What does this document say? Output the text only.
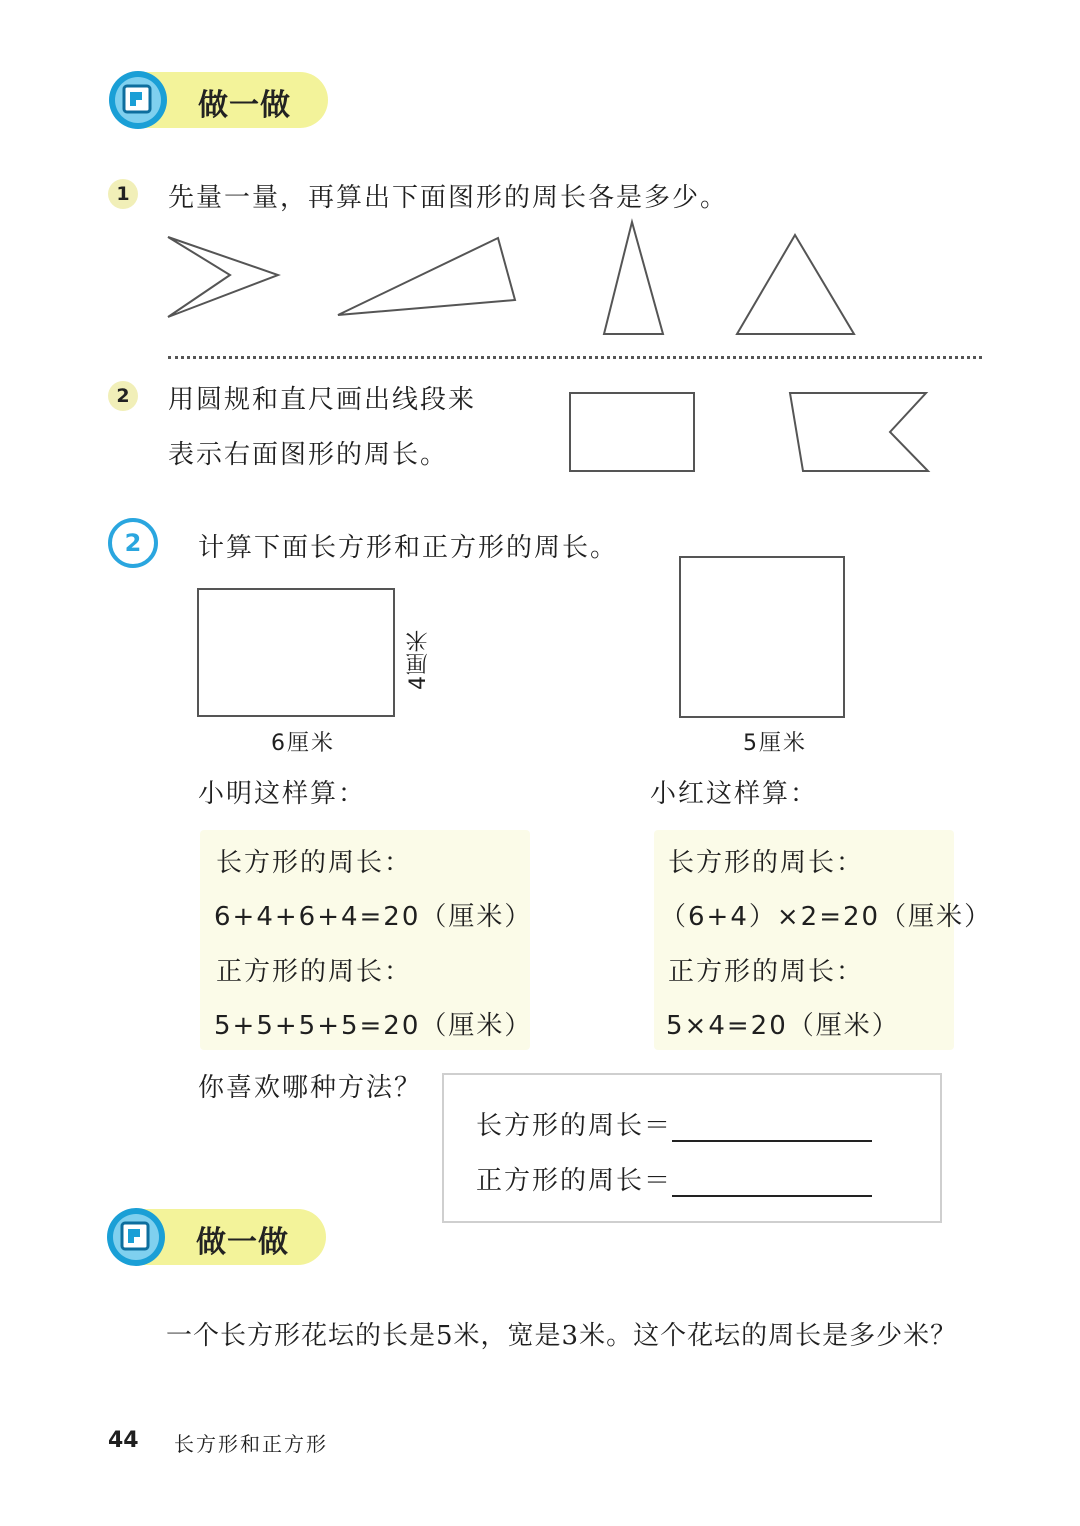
做一做
1	先量一量，再算出下面图形的周长各是多少。
2	用圆规和直尺画出线段来
表示右面图形的周长。
2	计算下面长方形和正方形的周长。
6厘米
4厘米
5厘米
小明这样算：	小红这样算：
长方形的周长：
6+4+6+4=20（厘米）
正方形的周长：
5+5+5+5=20（厘米）
长方形的周长：
（6+4）×2=20（厘米）
正方形的周长：
5×4=20（厘米）
你喜欢哪种方法？
长方形的周长＝
正方形的周长＝
做一做
一个长方形花坛的长是5米，宽是3米。这个花坛的周长是多少米？
44 长方形和正方形
